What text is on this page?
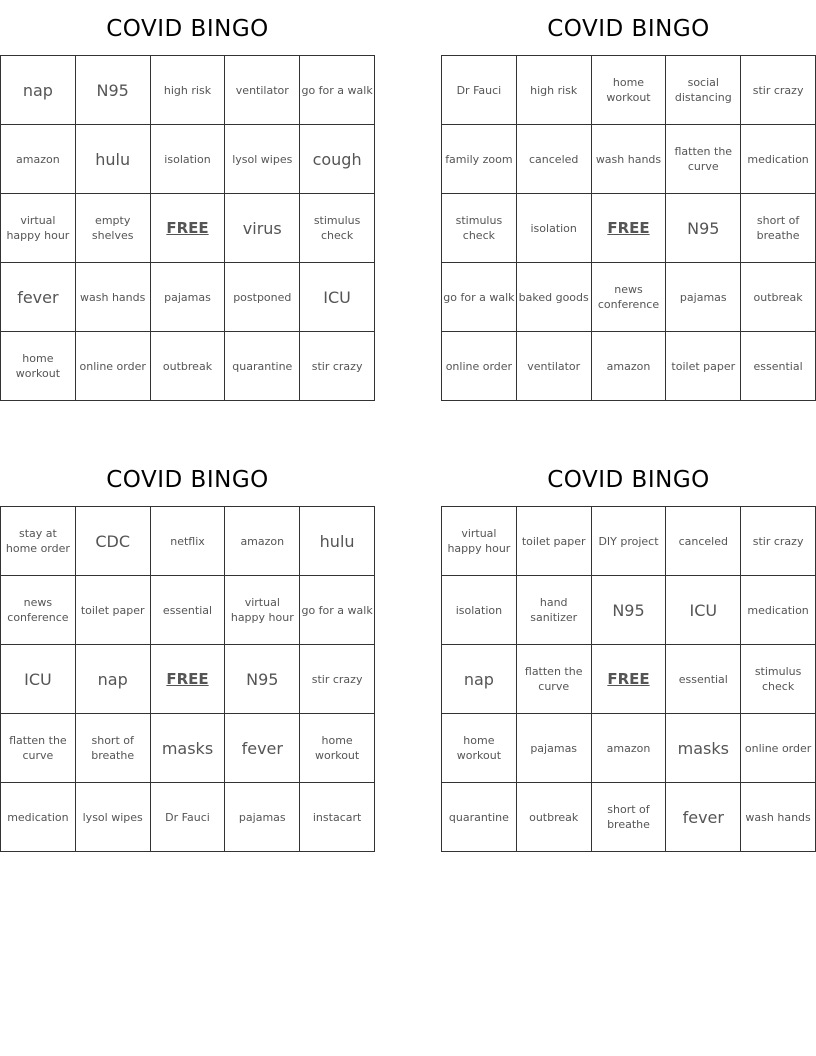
COVID BINGO
nap	N95	high risk	ventilator	go for a walk
amazon	hulu	isolation	lysol wipes	cough
virtual happy hour	empty shelves	FREE	virus	stimulus check
fever	wash hands	pajamas	postponed	ICU
home workout	online order	outbreak	quarantine	stir crazy
COVID BINGO
Dr Fauci	high risk	home workout	social distancing	stir crazy
family zoom	canceled	wash hands	flatten the curve	medication
stimulus check	isolation	FREE	N95	short of breathe
go for a walk	baked goods	news conference	pajamas	outbreak
online order	ventilator	amazon	toilet paper	essential
COVID BINGO
stay at home order	CDC	netflix	amazon	hulu
news conference	toilet paper	essential	virtual happy hour	go for a walk
ICU	nap	FREE	N95	stir crazy
flatten the curve	short of breathe	masks	fever	home workout
medication	lysol wipes	Dr Fauci	pajamas	instacart
COVID BINGO
virtual happy hour	toilet paper	DIY project	canceled	stir crazy
isolation	hand sanitizer	N95	ICU	medication
nap	flatten the curve	FREE	essential	stimulus check
home workout	pajamas	amazon	masks	online order
quarantine	outbreak	short of breathe	fever	wash hands
